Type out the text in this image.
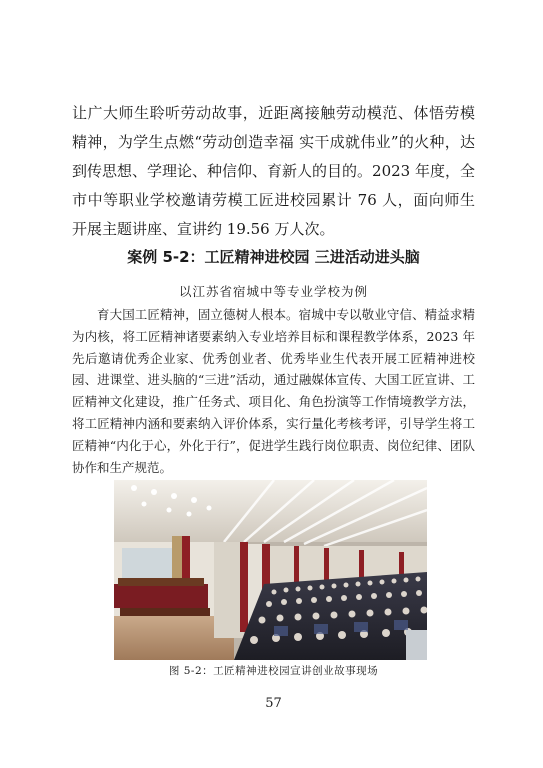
让广大师生聆听劳动故事，近距离接触劳动模范、体悟劳模精神，为学生点燃“劳动创造幸福 实干成就伟业”的火种，达到传思想、学理论、种信仰、育新人的目的。2023 年度，全市中等职业学校邀请劳模工匠进校园累计 76 人，面向师生开展主题讲座、宣讲约 19.56 万人次。

案例 5-2：工匠精神进校园 三进活动进头脑

以江苏省宿城中等专业学校为例

育大国工匠精神，固立德树人根本。宿城中专以敬业守信、精益求精为内核，将工匠精神诸要素纳入专业培养目标和课程教学体系，2023 年先后邀请优秀企业家、优秀创业者、优秀毕业生代表开展工匠精神进校园、进课堂、进头脑的“三进”活动，通过融媒体宣传、大国工匠宣讲、工匠精神文化建设，推广任务式、项目化、角色扮演等工作情境教学方法，将工匠精神内涵和要素纳入评价体系，实行量化考核考评，引导学生将工匠精神“内化于心，外化于行”，促进学生践行岗位职责、岗位纪律、团队协作和生产规范。

图 5-2：工匠精神进校园宣讲创业故事现场

57
